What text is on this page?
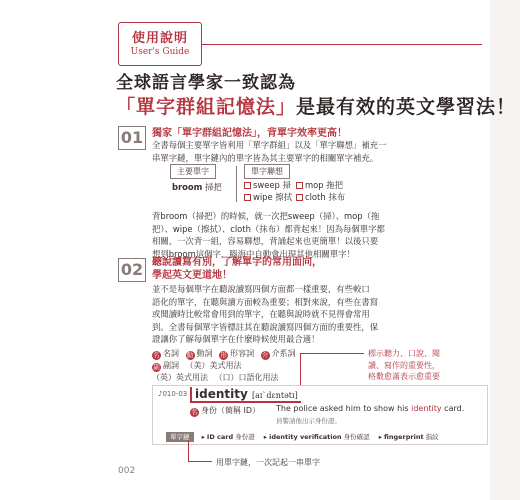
使用說明
User's Guide
全球語言學家一致認為
「單字群組記憶法」是最有效的英文學習法！
01 獨家「單字群組記憶法」，背單字效率更高！
全書每個主要單字皆利用「單字群組」以及「單字聯想」補充一
串單字鏈，單字鏈內的單字皆為其主要單字的相關單字補充。
主要單字	單字聯想
broom 掃把	sweep 掃	mop 拖把
wipe 擦拭	cloth 抹布
背broom（掃把）的時候，就一次把sweep（掃）、mop（拖
把）、wipe（擦拭）、cloth（抹布）都背起來！因為每個單字都
相關，一次背一組，容易聯想，背誦起來也更簡單！以後只要
想到broom這個字，腦海中自動會出現其他相關單字！
02 聽說讀寫有別，了解單字的常用面向，
學起英文更道地！
並不是每個單字在聽說讀寫四個方面都一樣重要，有些較口
語化的單字，在聽與讀方面較為重要；相對來說，有些在書寫
或閱讀時比較常會用到的單字，在聽與說時就不見得會常用
到。全書每個單字皆標註其在聽說讀寫四個方面的重要性，保
證讓你了解每個單字在什麼時候使用最合適！
名 名詞 動 動詞 形 形容詞 介 介系詞
副 副詞 （美）美式用法
（英）英式用法 （口）口語化用法
標示聽力、口說、閱
讀、寫作的重要性，
格數愈滿表示愈重要
♪010-03 identity [aɪˋdɛntətɪ]
名 身份（簡稱 ID） The police asked him to show his identity card.
員警請他出示身份證。
單字鏈 ▸ ID card 身份證 ▸ identity verification 身份確認 ▸ fingerprint 指紋
用單字鏈，一次記起一串單字
002
